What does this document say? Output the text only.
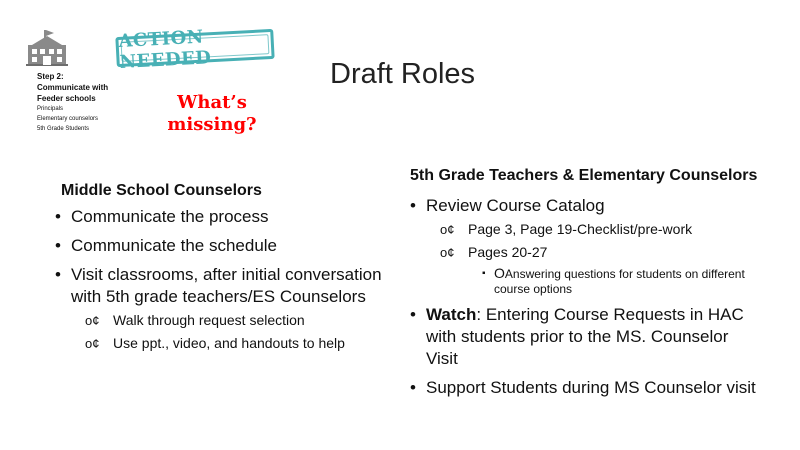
Step 2: Communicate with Feeder schools
Principals
Elementary counselors
5th Grade Students
ACTION NEEDED
What’s missing?
Draft Roles
Middle School Counselors
• Communicate the process
• Communicate the schedule
• Visit classrooms, after initial conversation with 5th grade teachers/ES Counselors
o¢ Walk through request selection
o¢ Use ppt., video, and handouts to help
5th Grade Teachers & Elementary Counselors
• Review Course Catalog
o¢ Page 3, Page 19-Checklist/pre-work
o¢ Pages 20-27
▪ OAnswering questions for students on different course options
• Watch: Entering Course Requests in HAC with students prior to the MS. Counselor Visit
• Support Students during MS Counselor visit
